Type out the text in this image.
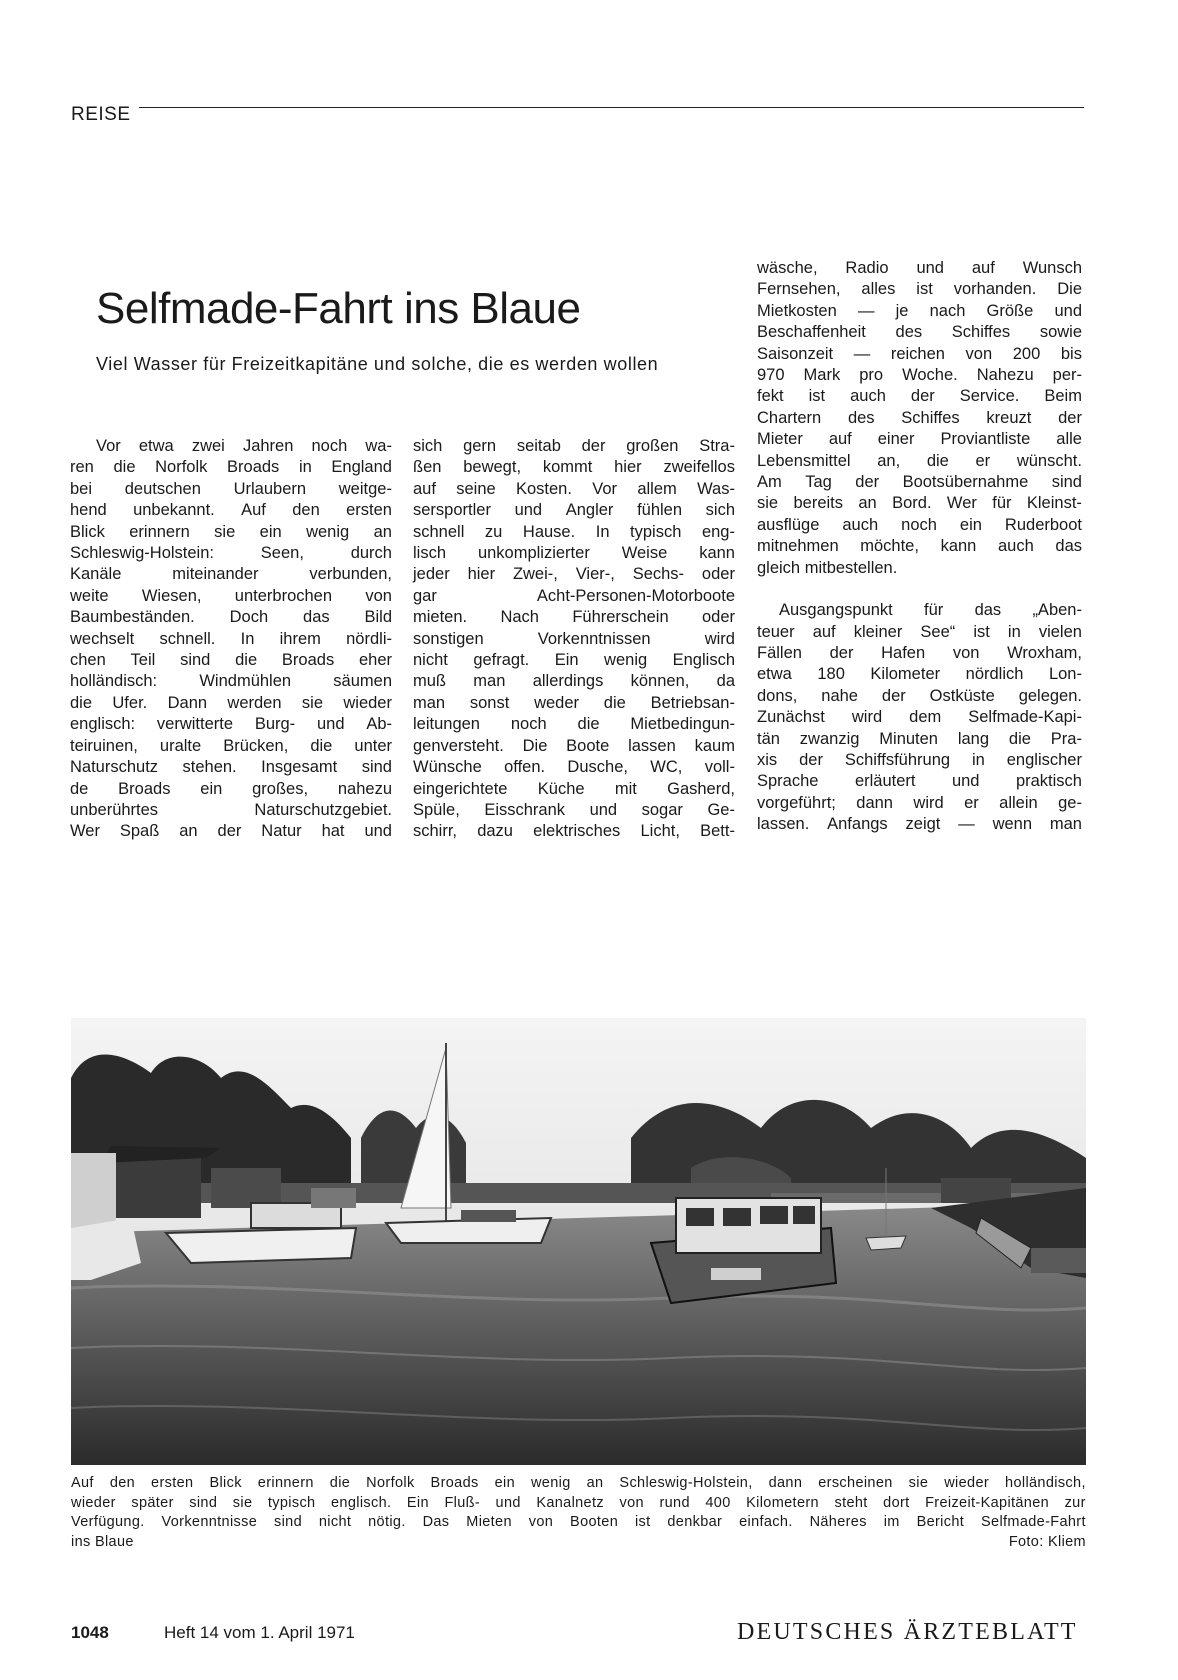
REISE
Selfmade-Fahrt ins Blaue
Viel Wasser für Freizeitkapitäne und solche, die es werden wollen
Vor etwa zwei Jahren noch wa-
ren die Norfolk Broads in England
bei deutschen Urlaubern weitge-
hend unbekannt. Auf den ersten
Blick erinnern sie ein wenig an
Schleswig-Holstein:	Seen,	durch
Kanäle	miteinander	verbunden,
weite Wiesen, unterbrochen von
Baumbeständen. Doch das Bild
wechselt schnell. In ihrem nördli-
chen Teil sind die Broads eher
holländisch:	Windmühlen	säumen
die Ufer. Dann werden sie wieder
englisch: verwitterte Burg- und Ab-
teiruinen, uralte Brücken, die unter
Naturschutz stehen. Insgesamt sind
de Broads ein großes, nahezu
unberührtes	Naturschutzgebiet.
Wer Spaß an der Natur hat und
sich gern seitab der großen Stra-
ßen bewegt, kommt hier zweifellos
auf seine Kosten. Vor allem Was-
sersportler und Angler fühlen sich
schnell zu Hause. In typisch eng-
lisch unkomplizierter Weise kann
jeder hier Zwei-, Vier-, Sechs- oder
gar	Acht-Personen-Motorboote
mieten. Nach Führerschein oder
sonstigen	Vorkenntnissen	wird
nicht gefragt. Ein wenig Englisch
muß man allerdings können, da
man sonst weder die Betriebsan-
leitungen noch die Mietbedingun-
genversteht. Die Boote lassen kaum
Wünsche offen. Dusche, WC, voll-
eingerichtete Küche mit Gasherd,
Spüle, Eisschrank und sogar Ge-
schirr, dazu elektrisches Licht, Bett-
wäsche, Radio und auf Wunsch
Fernsehen, alles ist vorhanden. Die
Mietkosten — je nach Größe und
Beschaffenheit des Schiffes sowie
Saisonzeit — reichen von 200 bis
970 Mark pro Woche. Nahezu per-
fekt ist auch der Service. Beim
Chartern des Schiffes kreuzt der
Mieter auf einer Proviantliste alle
Lebensmittel an, die er wünscht.
Am Tag der Bootsübernahme sind
sie bereits an Bord. Wer für Kleinst-
ausflüge auch noch ein Ruderboot
mitnehmen möchte, kann auch das
gleich mitbestellen.
Ausgangspunkt für das „Aben-
teuer auf kleiner See“ ist in vielen
Fällen der Hafen von Wroxham,
etwa 180 Kilometer nördlich Lon-
dons, nahe der Ostküste gelegen.
Zunächst wird dem Selfmade-Kapi-
tän zwanzig Minuten lang die Pra-
xis der Schiffsführung in englischer
Sprache erläutert und praktisch
vorgeführt; dann wird er allein ge-
lassen. Anfangs zeigt — wenn man
Auf den ersten Blick erinnern die Norfolk Broads ein wenig an Schleswig-Holstein, dann erscheinen sie wieder holländisch,
wieder später sind sie typisch englisch. Ein Fluß- und Kanalnetz von rund 400 Kilometern steht dort Freizeit-Kapitänen zur
Verfügung. Vorkenntnisse sind nicht nötig. Das Mieten von Booten ist denkbar einfach. Näheres im Bericht Selfmade-Fahrt
ins Blaue	Foto: Kliem
1048	Heft 14 vom 1. April 1971	DEUTSCHES ÄRZTEBLATT
